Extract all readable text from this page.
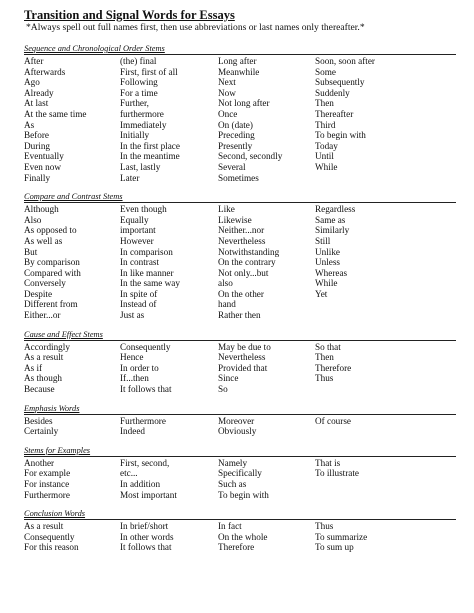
Transition and Signal Words for Essays

*Always spell out full names first, then use abbreviations or last names only thereafter.*

Sequence and Chronological Order Stems
After	(the) final	Long after	Soon, soon after
Afterwards	First, first of all	Meanwhile	Some
Ago	Following	Next	Subsequently
Already	For a time	Now	Suddenly
At last	Further,	Not long after	Then
At the same time	furthermore	Once	Thereafter
As	Immediately	On (date)	Third
Before	Initially	Preceding	To begin with
During	In the first place	Presently	Today
Eventually	In the meantime	Second, secondly	Until
Even now	Last, lastly	Several	While
Finally	Later	Sometimes
Compare and Contrast Stems
Although	Even though	Like	Regardless
Also	Equally	Likewise	Same as
As opposed to	important	Neither...nor	Similarly
As well as	However	Nevertheless	Still
But	In comparison	Notwithstanding	Unlike
By comparison	In contrast	On the contrary	Unless
Compared with	In like manner	Not only...but	Whereas
Conversely	In the same way	also	While
Despite	In spite of	On the other	Yet
Different from	Instead of	hand
Either...or	Just as	Rather then
Cause and Effect Stems
Accordingly	Consequently	May be due to	So that
As a result	Hence	Nevertheless	Then
As if	In order to	Provided that	Therefore
As though	If...then	Since	Thus
Because	It follows that	So
Emphasis Words
Besides	Furthermore	Moreover	Of course
Certainly	Indeed	Obviously
Stems for Examples
Another	First, second,	Namely	That is
For example	etc...	Specifically	To illustrate
For instance	In addition	Such as
Furthermore	Most important	To begin with
Conclusion Words
As a result	In brief/short	In fact	Thus
Consequently	In other words	On the whole	To summarize
For this reason	It follows that	Therefore	To sum up
